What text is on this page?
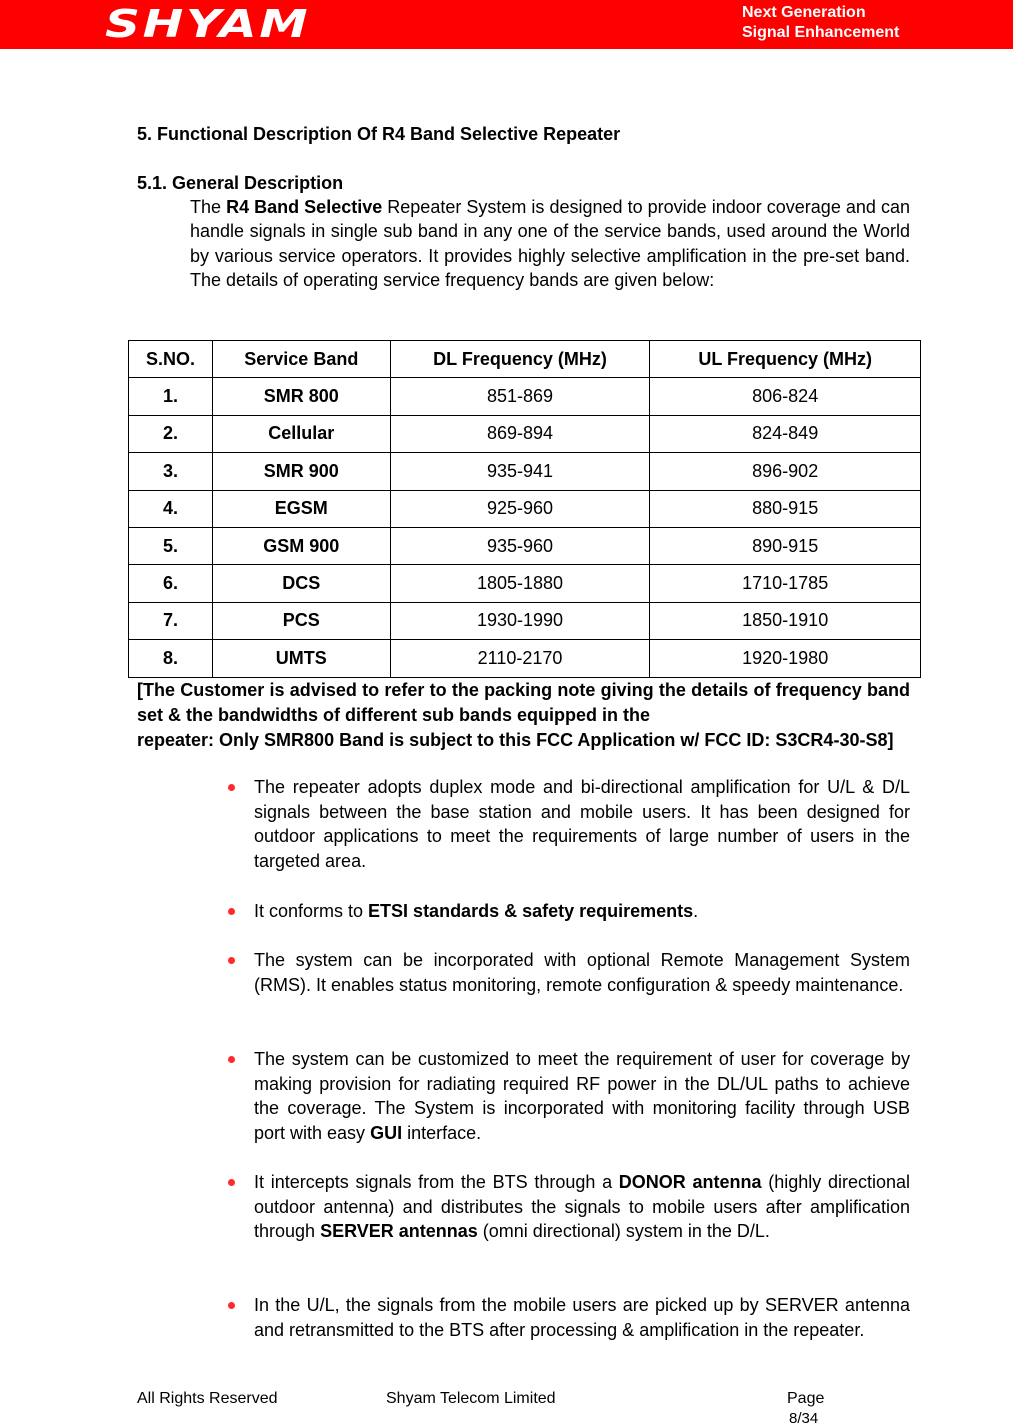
SHYAM	Next Generation
Signal Enhancement
5. Functional Description Of R4 Band Selective Repeater
5.1. General Description
The R4 Band Selective Repeater System is designed to provide indoor coverage and can handle signals in single sub band in any one of the service bands, used around the World by various service operators. It provides highly selective amplification in the pre-set band. The details of operating service frequency bands are given below:
S.NO.	Service Band	DL Frequency (MHz)	UL Frequency (MHz)
1.	SMR 800	851-869	806-824
2.	Cellular	869-894	824-849
3.	SMR 900	935-941	896-902
4.	EGSM	925-960	880-915
5.	GSM 900	935-960	890-915
6.	DCS	1805-1880	1710-1785
7.	PCS	1930-1990	1850-1910
8.	UMTS	2110-2170	1920-1980
[The Customer is advised to refer to the packing note giving the details of frequency band set & the bandwidths of different sub bands equipped in the
repeater: Only SMR800 Band is subject to this FCC Application w/ FCC ID: S3CR4-30-S8]
The repeater adopts duplex mode and bi-directional amplification for U/L & D/L signals between the base station and mobile users. It has been designed for outdoor applications to meet the requirements of large number of users in the targeted area.
It conforms to ETSI standards & safety requirements.
The system can be incorporated with optional Remote Management System (RMS). It enables status monitoring, remote configuration & speedy maintenance.
The system can be customized to meet the requirement of user for coverage by making provision for radiating required RF power in the DL/UL paths to achieve the coverage. The System is incorporated with monitoring facility through USB port with easy GUI interface.
It intercepts signals from the BTS through a DONOR antenna (highly directional outdoor antenna) and distributes the signals to mobile users after amplification through SERVER antennas (omni directional) system in the D/L.
In the U/L, the signals from the mobile users are picked up by SERVER antenna and retransmitted to the BTS after processing & amplification in the repeater.
All Rights Reserved	Shyam Telecom Limited	Page
8/34
